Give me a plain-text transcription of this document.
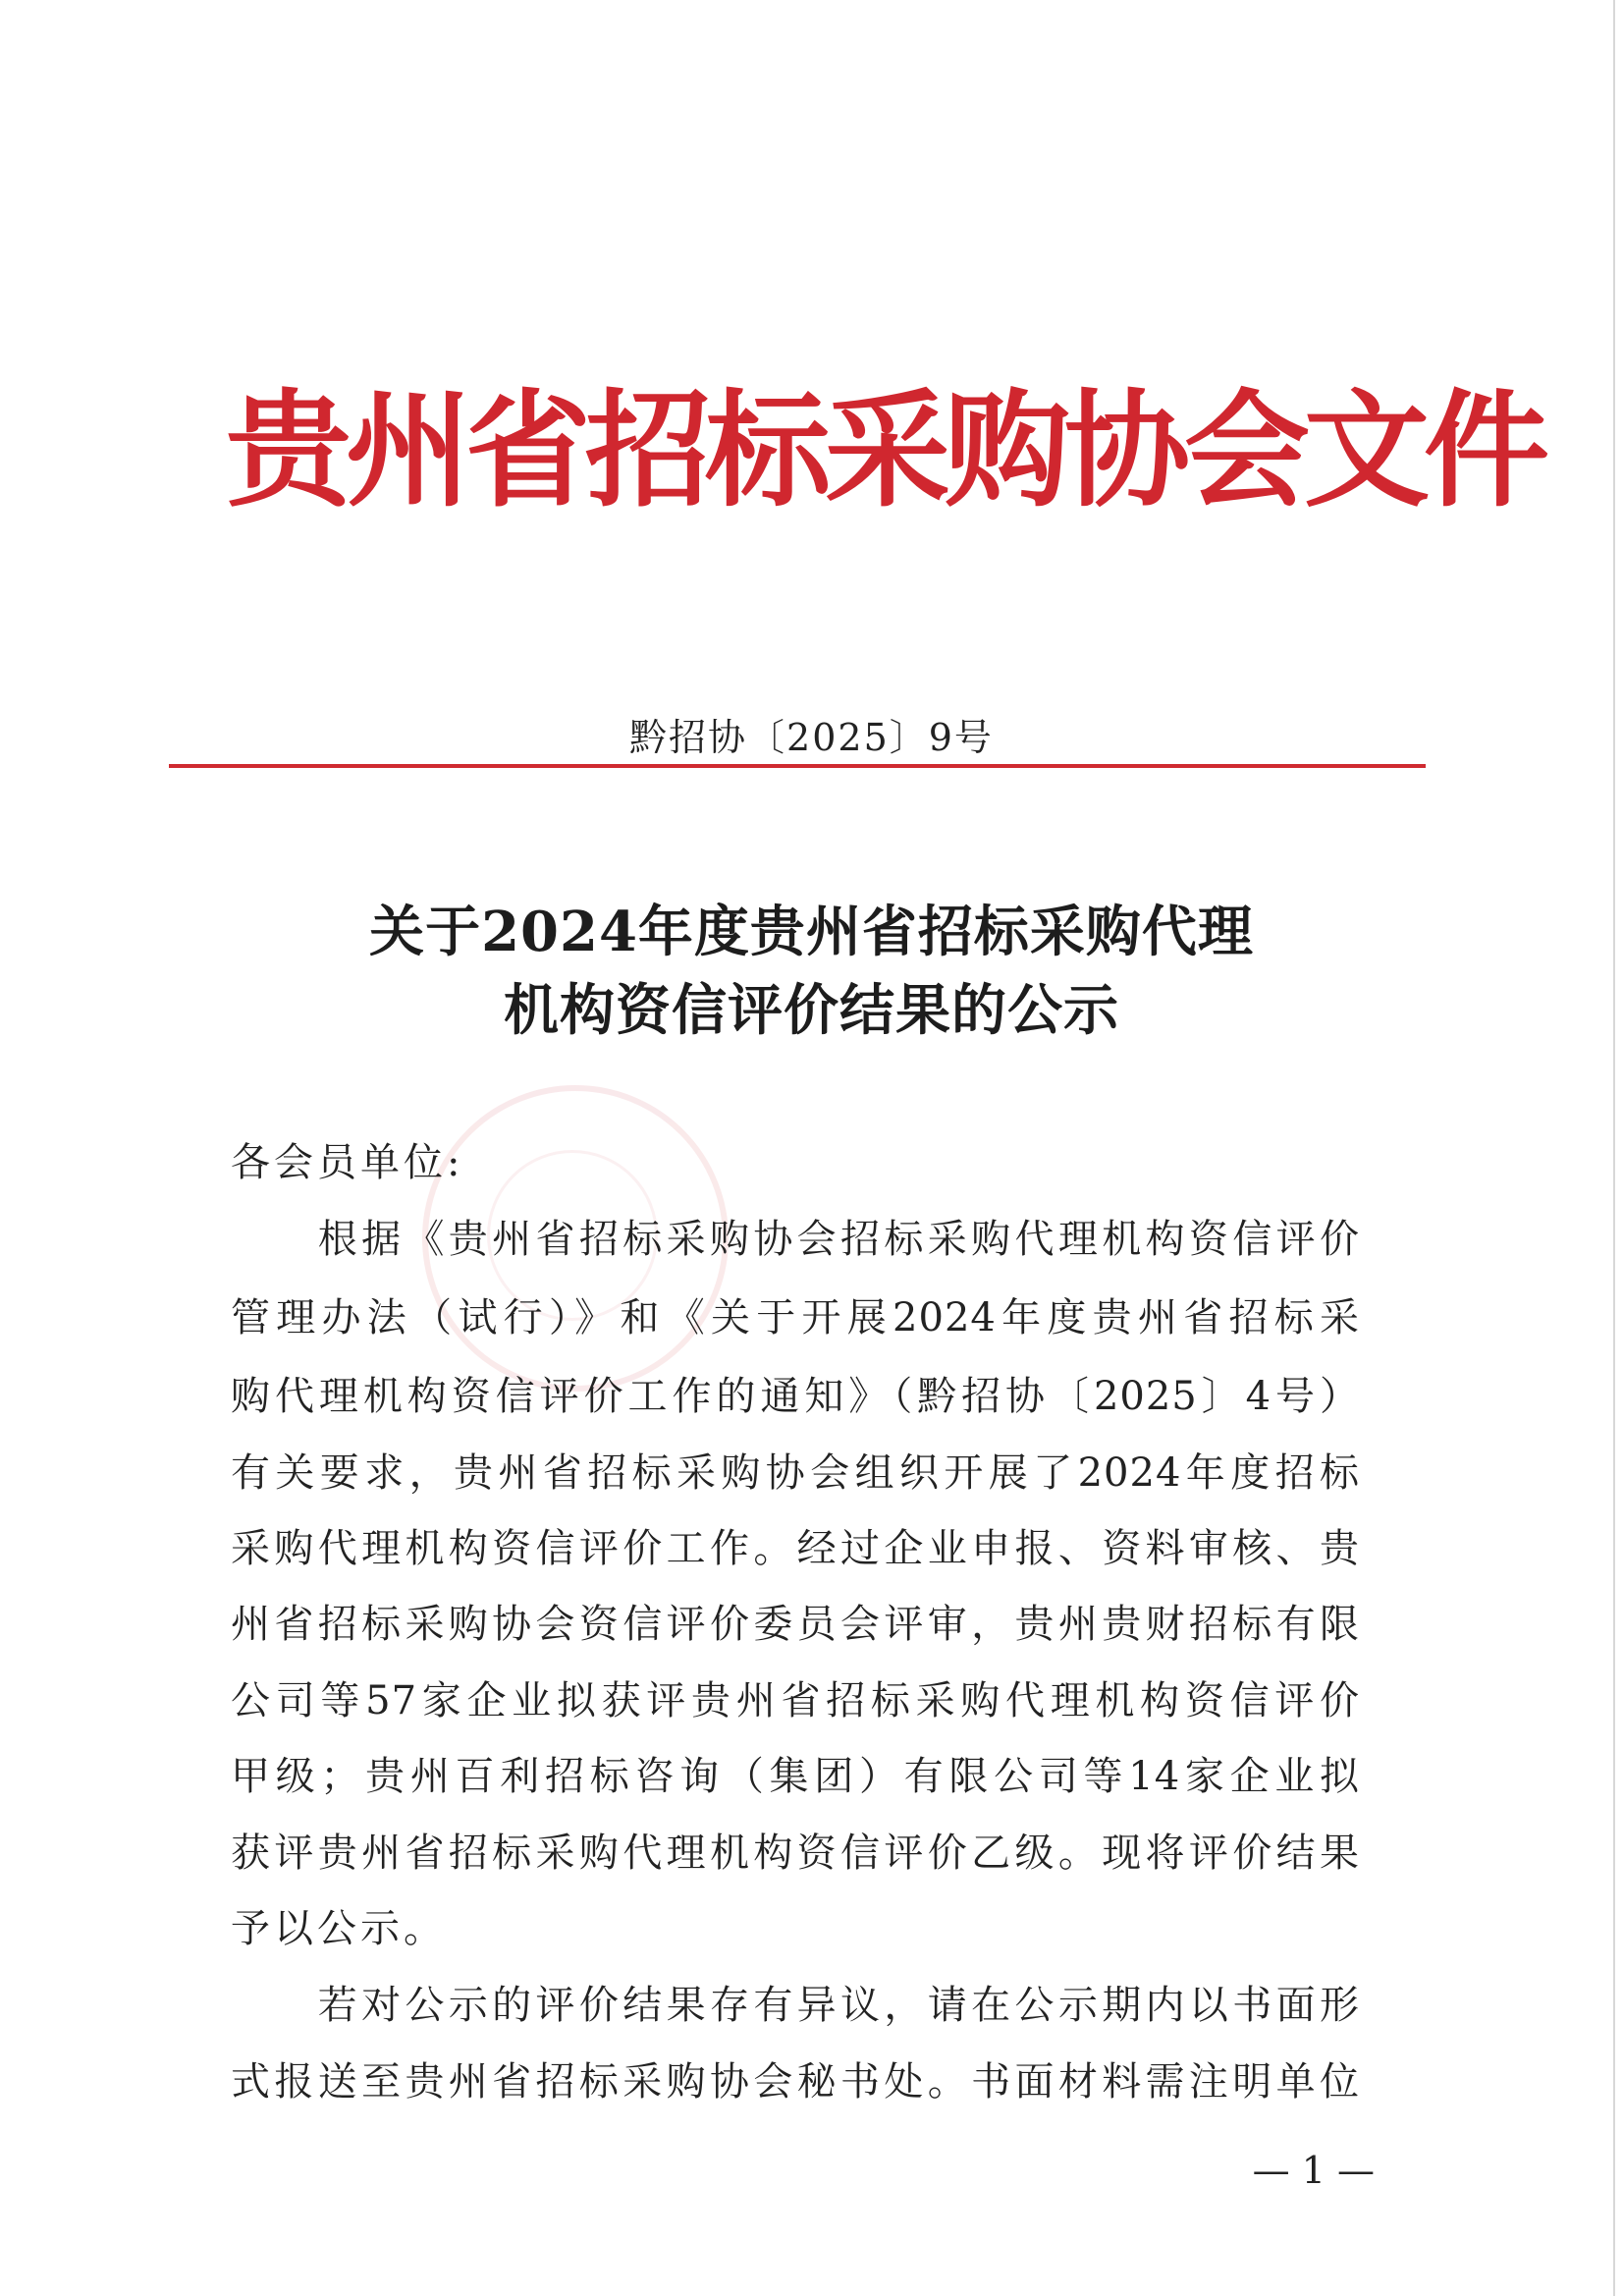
贵州省招标采购协会文件
黔招协〔2025〕9号
关于2024年度贵州省招标采购代理
机构资信评价结果的公示
各会员单位:
　　根据《贵州省招标采购协会招标采购代理机构资信评价
管理办法（试行）》和《关于开展2024年度贵州省招标采
购代理机构资信评价工作的通知》（黔招协〔2025〕4号）
有关要求，贵州省招标采购协会组织开展了2024年度招标
采购代理机构资信评价工作。经过企业申报、资料审核、贵
州省招标采购协会资信评价委员会评审，贵州贵财招标有限
公司等57家企业拟获评贵州省招标采购代理机构资信评价
甲级；贵州百利招标咨询（集团）有限公司等14家企业拟
获评贵州省招标采购代理机构资信评价乙级。现将评价结果
予以公示。
　　若对公示的评价结果存有异议，请在公示期内以书面形
式报送至贵州省招标采购协会秘书处。书面材料需注明单位
— 1 —
